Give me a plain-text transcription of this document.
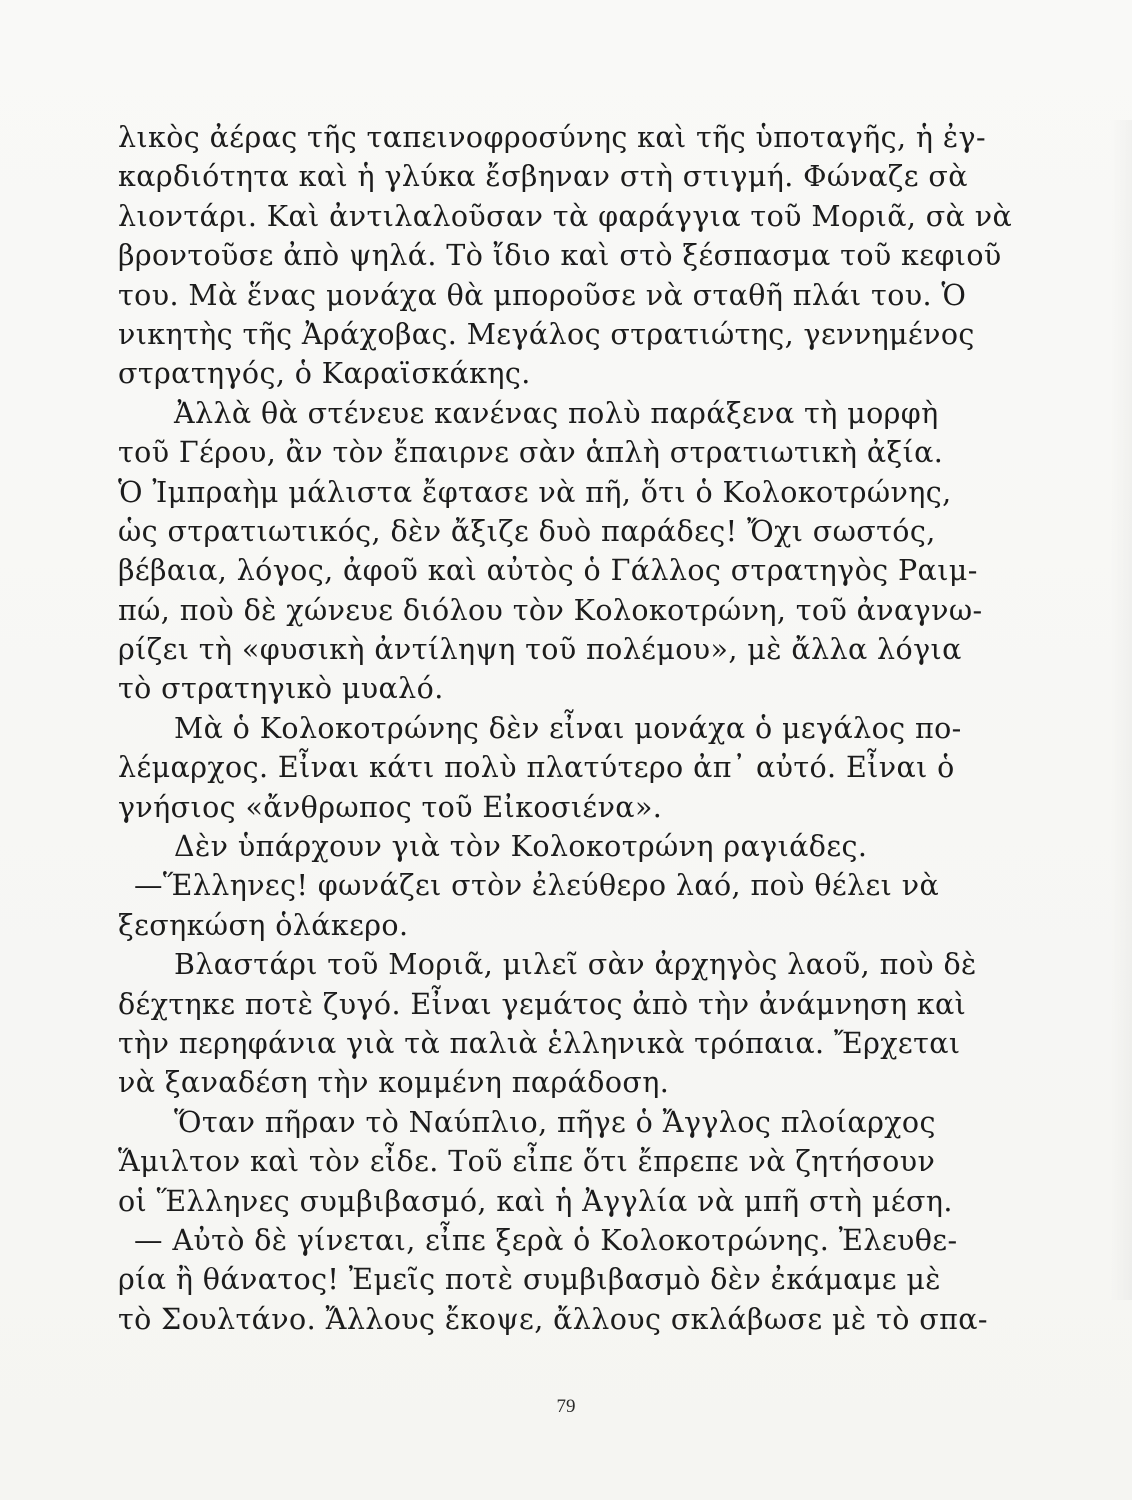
λικὸς ἀέρας τῆς ταπεινοφροσύνης καὶ τῆς ὑποταγῆς, ἡ ἐγ-
καρδιότητα καὶ ἡ γλύκα ἔσβηναν στὴ στιγμή. Φώναζε σὰ
λιοντάρι. Καὶ ἀντιλαλοῦσαν τὰ φαράγγια τοῦ Μοριᾶ, σὰ νὰ
βροντοῦσε ἀπὸ ψηλά. Τὸ ἴδιο καὶ στὸ ξέσπασμα τοῦ κεφιοῦ
του. Μὰ ἕνας μονάχα θὰ μποροῦσε νὰ σταθῆ πλάι του. Ὁ
νικητὴς τῆς Ἀράχοβας. Μεγάλος στρατιώτης, γεννημένος
στρατηγός, ὁ Καραϊσκάκης.
Ἀλλὰ θὰ στένευε κανένας πολὺ παράξενα τὴ μορφὴ
τοῦ Γέρου, ἂν τὸν ἔπαιρνε σὰν ἁπλὴ στρατιωτικὴ ἀξία.
Ὁ Ἰμπραὴμ μάλιστα ἔφτασε νὰ πῆ, ὅτι ὁ Κολοκοτρώνης,
ὡς στρατιωτικός, δὲν ἄξιζε δυὸ παράδες! Ὄχι σωστός,
βέβαια, λόγος, ἀφοῦ καὶ αὐτὸς ὁ Γάλλος στρατηγὸς Ραιμ-
πώ, ποὺ δὲ χώνευε διόλου τὸν Κολοκοτρώνη, τοῦ ἀναγνω-
ρίζει τὴ «φυσικὴ ἀντίληψη τοῦ πολέμου», μὲ ἄλλα λόγια
τὸ στρατηγικὸ μυαλό.
Μὰ ὁ Κολοκοτρώνης δὲν εἶναι μονάχα ὁ μεγάλος πο-
λέμαρχος. Εἶναι κάτι πολὺ πλατύτερο ἀπ᾽ αὐτό. Εἶναι ὁ
γνήσιος «ἄνθρωπος τοῦ Εἰκοσιένα».
Δὲν ὑπάρχουν γιὰ τὸν Κολοκοτρώνη ραγιάδες.
—Ἕλληνες! φωνάζει στὸν ἐλεύθερο λαό, ποὺ θέλει νὰ
ξεσηκώση ὁλάκερο.
Βλαστάρι τοῦ Μοριᾶ, μιλεῖ σὰν ἀρχηγὸς λαοῦ, ποὺ δὲ
δέχτηκε ποτὲ ζυγό. Εἶναι γεμάτος ἀπὸ τὴν ἀνάμνηση καὶ
τὴν περηφάνια γιὰ τὰ παλιὰ ἑλληνικὰ τρόπαια. Ἔρχεται
νὰ ξαναδέση τὴν κομμένη παράδοση.
Ὅταν πῆραν τὸ Ναύπλιο, πῆγε ὁ Ἄγγλος πλοίαρχος
Ἅμιλτον καὶ τὸν εἶδε. Τοῦ εἶπε ὅτι ἔπρεπε νὰ ζητήσουν
οἱ Ἕλληνες συμβιβασμό, καὶ ἡ Ἀγγλία νὰ μπῆ στὴ μέση.
— Αὐτὸ δὲ γίνεται, εἶπε ξερὰ ὁ Κολοκοτρώνης. Ἐλευθε-
ρία ἢ θάνατος! Ἐμεῖς ποτὲ συμβιβασμὸ δὲν ἐκάμαμε μὲ
τὸ Σουλτάνο. Ἄλλους ἔκοψε, ἄλλους σκλάβωσε μὲ τὸ σπα-
79
